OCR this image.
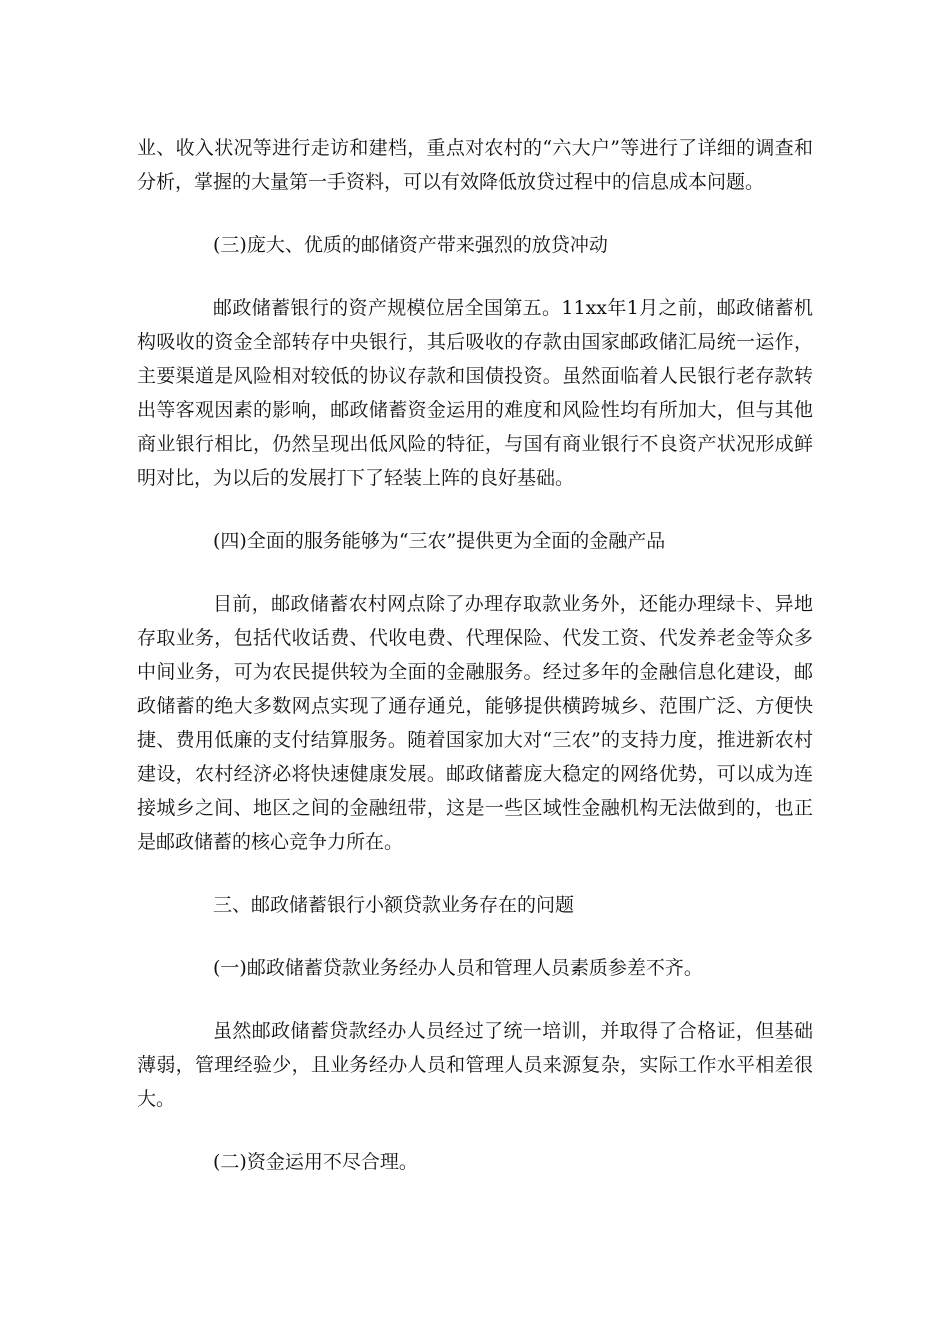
业、收入状况等进行走访和建档，重点对农村的“六大户”等进行了详细的调查和分析，掌握的大量第一手资料，可以有效降低放贷过程中的信息成本问题。

(三)庞大、优质的邮储资产带来强烈的放贷冲动

邮政储蓄银行的资产规模位居全国第五。11xx年1月之前，邮政储蓄机构吸收的资金全部转存中央银行，其后吸收的存款由国家邮政储汇局统一运作，主要渠道是风险相对较低的协议存款和国债投资。虽然面临着人民银行老存款转出等客观因素的影响，邮政储蓄资金运用的难度和风险性均有所加大，但与其他商业银行相比，仍然呈现出低风险的特征，与国有商业银行不良资产状况形成鲜明对比，为以后的发展打下了轻装上阵的良好基础。

(四)全面的服务能够为“三农”提供更为全面的金融产品

目前，邮政储蓄农村网点除了办理存取款业务外，还能办理绿卡、异地存取业务，包括代收话费、代收电费、代理保险、代发工资、代发养老金等众多中间业务，可为农民提供较为全面的金融服务。经过多年的金融信息化建设，邮政储蓄的绝大多数网点实现了通存通兑，能够提供横跨城乡、范围广泛、方便快捷、费用低廉的支付结算服务。随着国家加大对“三农”的支持力度，推进新农村建设，农村经济必将快速健康发展。邮政储蓄庞大稳定的网络优势，可以成为连接城乡之间、地区之间的金融纽带，这是一些区域性金融机构无法做到的，也正是邮政储蓄的核心竞争力所在。

三、邮政储蓄银行小额贷款业务存在的问题

(一)邮政储蓄贷款业务经办人员和管理人员素质参差不齐。

虽然邮政储蓄贷款经办人员经过了统一培训，并取得了合格证，但基础薄弱，管理经验少，且业务经办人员和管理人员来源复杂，实际工作水平相差很大。

(二)资金运用不尽合理。
